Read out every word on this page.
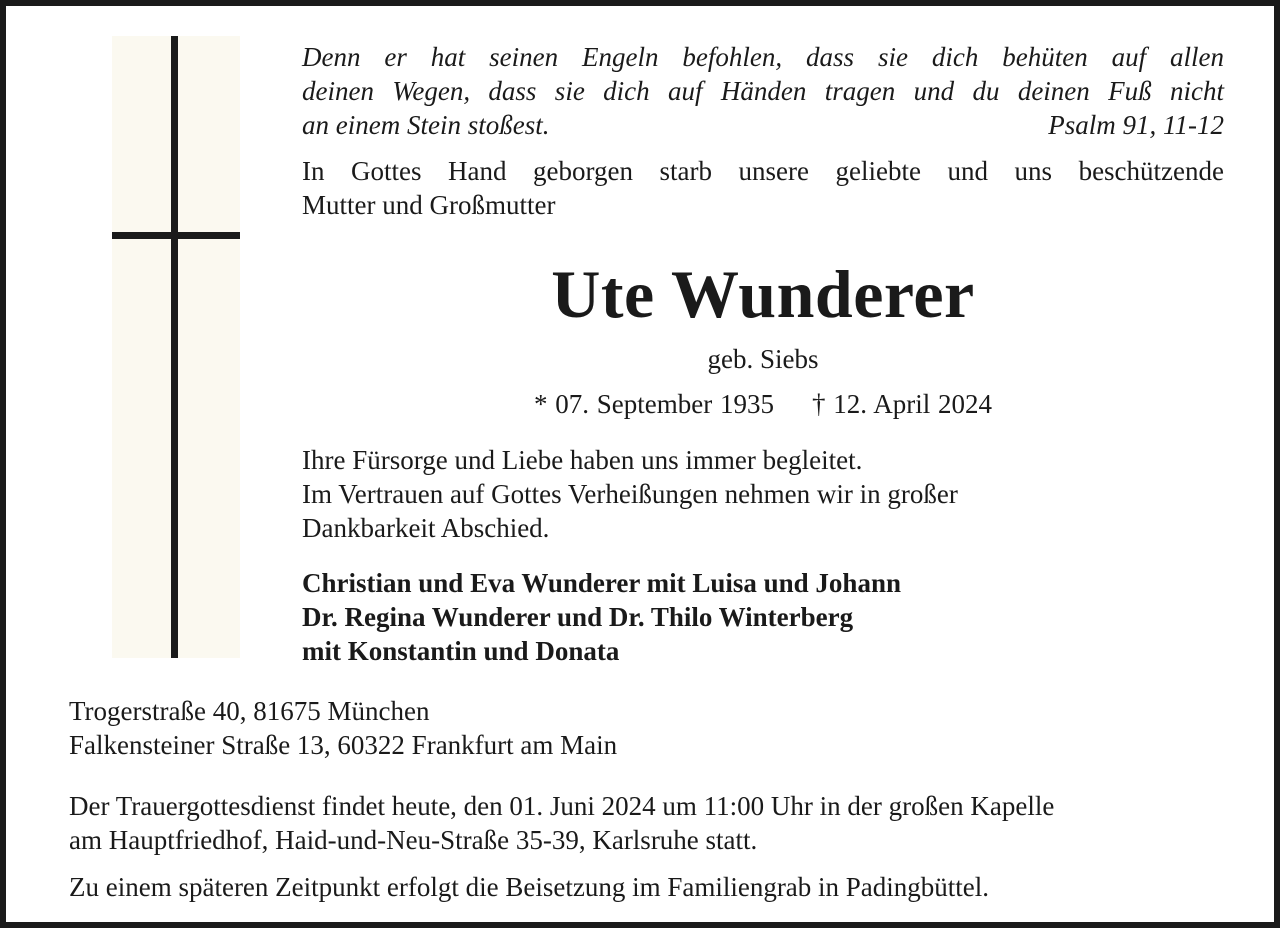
Denn er hat seinen Engeln befohlen, dass sie dich behüten auf allen
deinen Wegen, dass sie dich auf Händen tragen und du deinen Fuß nicht
an einem Stein stoßest.	Psalm 91, 11-12
In Gottes Hand geborgen starb unsere geliebte und uns beschützende
Mutter und Großmutter
Ute Wunderer
geb. Siebs
* 07. September 1935 † 12. April 2024
Ihre Fürsorge und Liebe haben uns immer begleitet.
Im Vertrauen auf Gottes Verheißungen nehmen wir in großer
Dankbarkeit Abschied.
Christian und Eva Wunderer mit Luisa und Johann
Dr. Regina Wunderer und Dr. Thilo Winterberg
mit Konstantin und Donata
Trogerstraße 40, 81675 München
Falkensteiner Straße 13, 60322 Frankfurt am Main
Der Trauergottesdienst findet heute, den 01. Juni 2024 um 11:00 Uhr in der großen Kapelle
am Hauptfriedhof, Haid-und-Neu-Straße 35-39, Karlsruhe statt.
Zu einem späteren Zeitpunkt erfolgt die Beisetzung im Familiengrab in Padingbüttel.
